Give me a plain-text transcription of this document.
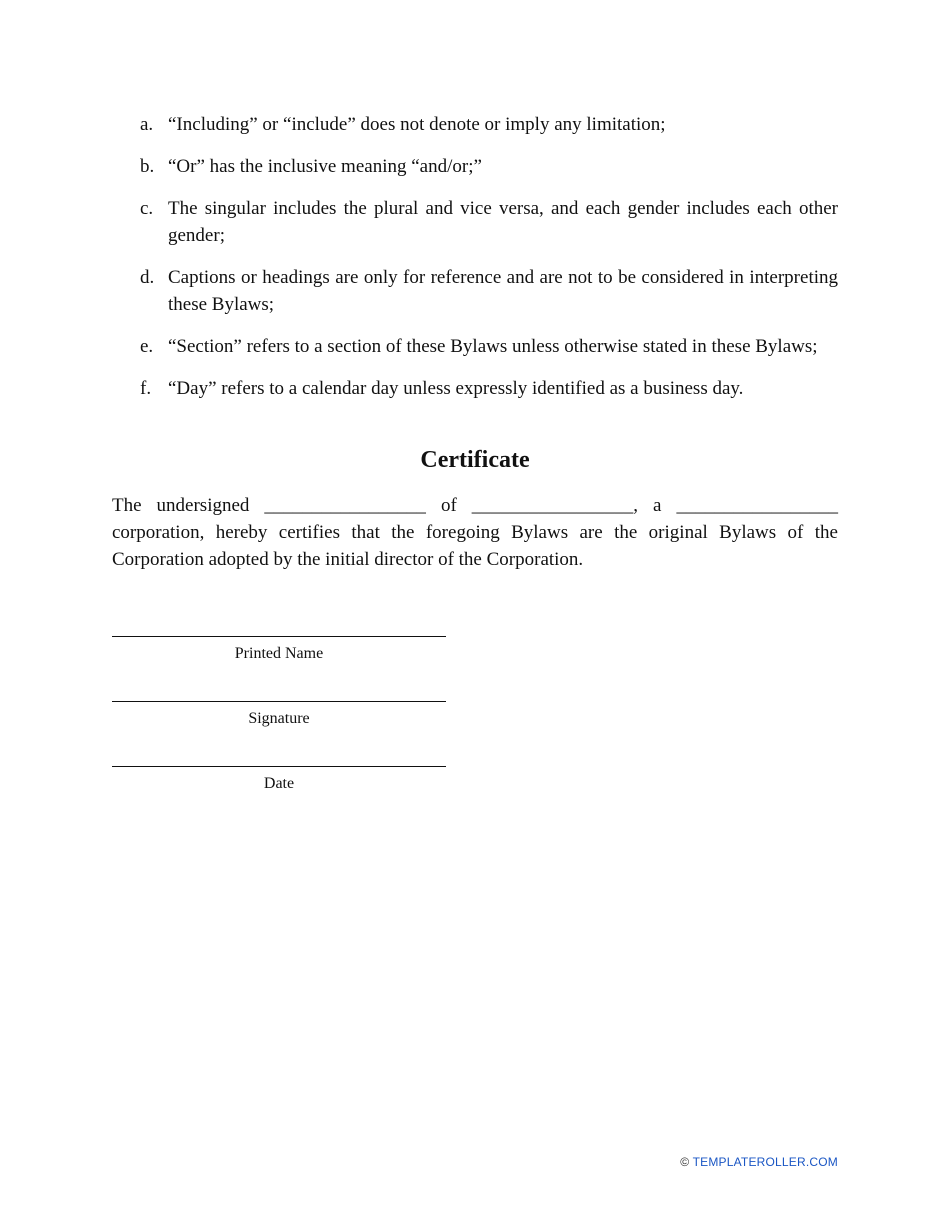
a. “Including” or “include” does not denote or imply any limitation;
b. “Or” has the inclusive meaning “and/or;”
c. The singular includes the plural and vice versa, and each gender includes each other gender;
d. Captions or headings are only for reference and are not to be considered in interpreting these Bylaws;
e. “Section” refers to a section of these Bylaws unless otherwise stated in these Bylaws;
f. “Day” refers to a calendar day unless expressly identified as a business day.
Certificate

The undersigned _________________ of _________________, a _________________ corporation, hereby certifies that the foregoing Bylaws are the original Bylaws of the Corporation adopted by the initial director of the Corporation.

Printed Name
Signature
Date
© TEMPLATEROLLER.COM
